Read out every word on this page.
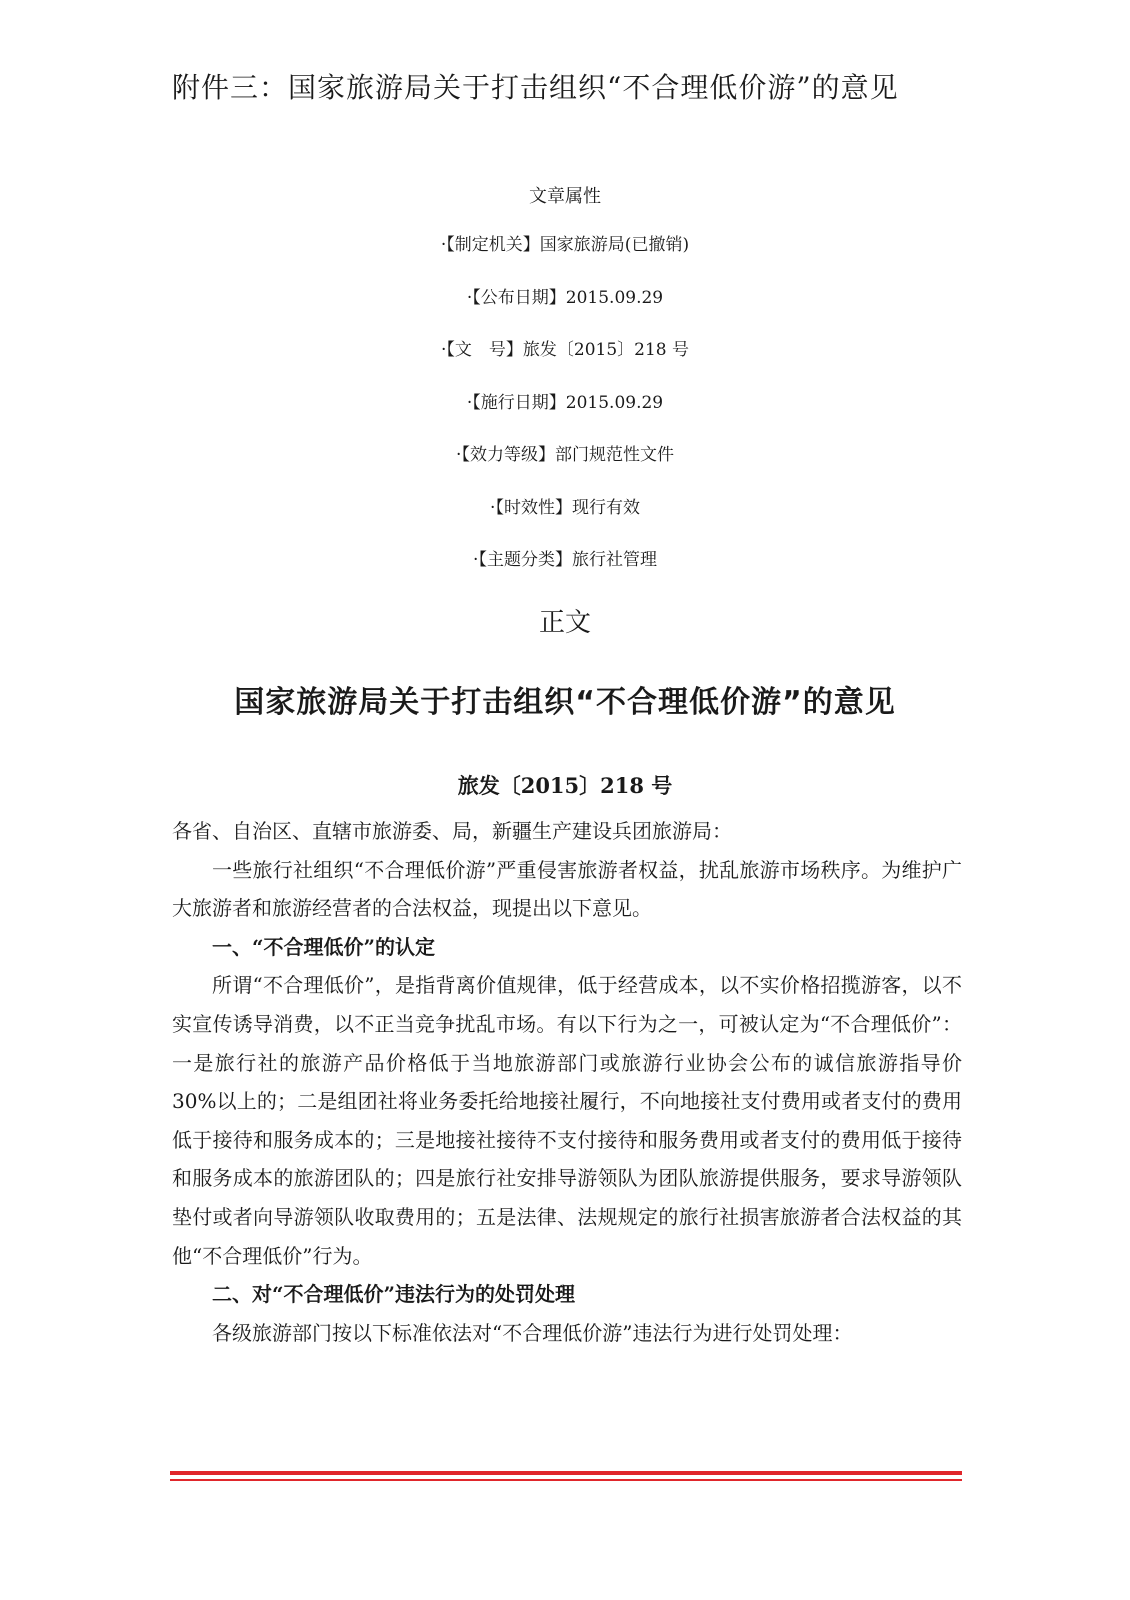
附件三：国家旅游局关于打击组织“不合理低价游”的意见
文章属性
·【制定机关】国家旅游局(已撤销)
·【公布日期】2015.09.29
·【文　号】旅发〔2015〕218 号
·【施行日期】2015.09.29
·【效力等级】部门规范性文件
·【时效性】现行有效
·【主题分类】旅行社管理
正文
国家旅游局关于打击组织“不合理低价游”的意见
旅发〔2015〕218 号

各省、自治区、直辖市旅游委、局，新疆生产建设兵团旅游局：

一些旅行社组织“不合理低价游”严重侵害旅游者权益，扰乱旅游市场秩序。为维护广大旅游者和旅游经营者的合法权益，现提出以下意见。

一、“不合理低价”的认定

所谓“不合理低价”，是指背离价值规律，低于经营成本，以不实价格招揽游客，以不实宣传诱导消费，以不正当竞争扰乱市场。有以下行为之一，可被认定为“不合理低价”：一是旅行社的旅游产品价格低于当地旅游部门或旅游行业协会公布的诚信旅游指导价 30%以上的；二是组团社将业务委托给地接社履行，不向地接社支付费用或者支付的费用低于接待和服务成本的；三是地接社接待不支付接待和服务费用或者支付的费用低于接待和服务成本的旅游团队的；四是旅行社安排导游领队为团队旅游提供服务，要求导游领队垫付或者向导游领队收取费用的；五是法律、法规规定的旅行社损害旅游者合法权益的其他“不合理低价”行为。

二、对“不合理低价”违法行为的处罚处理

各级旅游部门按以下标准依法对“不合理低价游”违法行为进行处罚处理：
